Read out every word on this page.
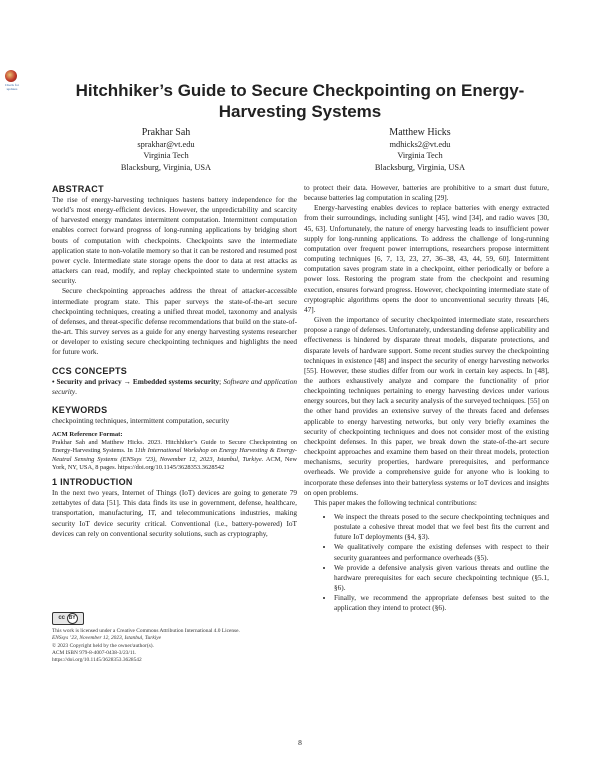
Check for updates	Hitchhiker’s Guide to Secure Checkpointing on Energy-Harvesting Systems
Prakhar Sah
sprakhar@vt.edu
Virginia Tech
Blacksburg, Virginia, USA
Matthew Hicks
mdhicks2@vt.edu
Virginia Tech
Blacksburg, Virginia, USA
ABSTRACT

The rise of energy-harvesting techniques hastens battery independence for the world’s most energy-efficient devices. However, the unpredictability and scarcity of harvested energy mandates intermittent computation. Intermittent computation enables correct forward progress of long-running applications by bridging short bouts of computation with checkpoints. Checkpoints save the intermediate application state to non-volatile memory so that it can be restored and resumed post power cycle. Intermediate state storage opens the door to data at rest attacks as attackers can read, modify, and replay checkpointed state to undermine system security.

Secure checkpointing approaches address the threat of attacker-accessible intermediate program state. This paper surveys the state-of-the-art secure checkpointing techniques, creating a unified threat model, taxonomy and analysis of defenses, and threat-specific defense recommendations that build on the state-of-the-art. This survey serves as a guide for any energy harvesting systems researcher or developer to existing secure checkpointing techniques and highlights the need for future work.

CCS CONCEPTS

• Security and privacy → Embedded systems security; Software and application security.

KEYWORDS

checkpointing techniques, intermittent computation, security

ACM Reference Format:

Prakhar Sah and Matthew Hicks. 2023. Hitchhiker’s Guide to Secure Checkpointing on Energy-Harvesting Systems. In 11th International Workshop on Energy Harvesting & Energy-Neutral Sensing Systems (ENSsys ’23), November 12, 2023, Istanbul, Turkiye. ACM, New York, NY, USA, 8 pages. https://doi.org/10.1145/3628353.3628542

1 INTRODUCTION

In the next two years, Internet of Things (IoT) devices are going to generate 79 zettabytes of data [51]. This data finds its use in government, defense, healthcare, transportation, manufacturing, IT, and telecommunications industries, making security IoT device security critical. Conventional (i.e., battery-powered) IoT devices can rely on conventional security solutions, such as cryptography,

cc BY
This work is licensed under a Creative Commons Attribution International 4.0 License.
ENSsys ’23, November 12, 2023, Istanbul, Turkiye
© 2023 Copyright held by the owner/author(s).
ACM ISBN 979-8-4007-0438-3/23/11.
https://doi.org/10.1145/3628353.3628542

to protect their data. However, batteries are prohibitive to a smart dust future, because batteries lag computation in scaling [29].

Energy-harvesting enables devices to replace batteries with energy extracted from their surroundings, including sunlight [45], wind [34], and radio waves [30, 45, 63]. Unfortunately, the nature of energy harvesting leads to insufficient power supply for long-running applications. To address the challenge of long-running computation over frequent power interruptions, researchers propose intermittent computing techniques [6, 7, 13, 23, 27, 36–38, 43, 44, 59, 60]. Intermittent computation saves program state in a checkpoint, either periodically or before a power loss. Restoring the program state from the checkpoint and resuming execution, ensures forward progress. However, checkpointing intermediate state of cryptographic algorithms opens the door to unconventional security threats [46, 47].

Given the importance of security checkpointed intermediate state, researchers propose a range of defenses. Unfortunately, understanding defense applicability and effectiveness is hindered by disparate threat models, disparate protections, and disparate levels of hardware support. Some recent studies survey the checkpointing techniques in existence [48] and inspect the security of energy harvesting networks [55]. However, these studies differ from our work in certain key aspects. In [48], the authors exhaustively analyze and compare the functionality of prior checkpointing techniques pertaining to energy harvesting devices under various energy sources, but they lack a security analysis of the surveyed techniques. [55] on the other hand provides an extensive survey of the threats faced and defenses applicable to energy harvesting networks, but only very briefly examines the security of checkpointing techniques and does not consider most of the existing checkpoint defenses. In this paper, we break down the state-of-the-art secure checkpoint approaches and examine them based on their threat models, protection mechanisms, security properties, hardware prerequisites, and performance overheads. We provide a comprehensive guide for anyone who is looking to incorporate these defenses into their batteryless systems or IoT devices and insights on open problems.

This paper makes the following technical contributions:

• We inspect the threats posed to the secure checkpointing techniques and postulate a cohesive threat model that we feel best fits the current and future IoT deployments (§4, §3).
• We qualitatively compare the existing defenses with respect to their security guarantees and performance overheads (§5).
• We provide a defensive analysis given various threats and outline the hardware prerequisites for each secure checkpointing technique (§5.1, §6).
• Finally, we recommend the appropriate defenses best suited to the application they intend to protect (§6).
8
